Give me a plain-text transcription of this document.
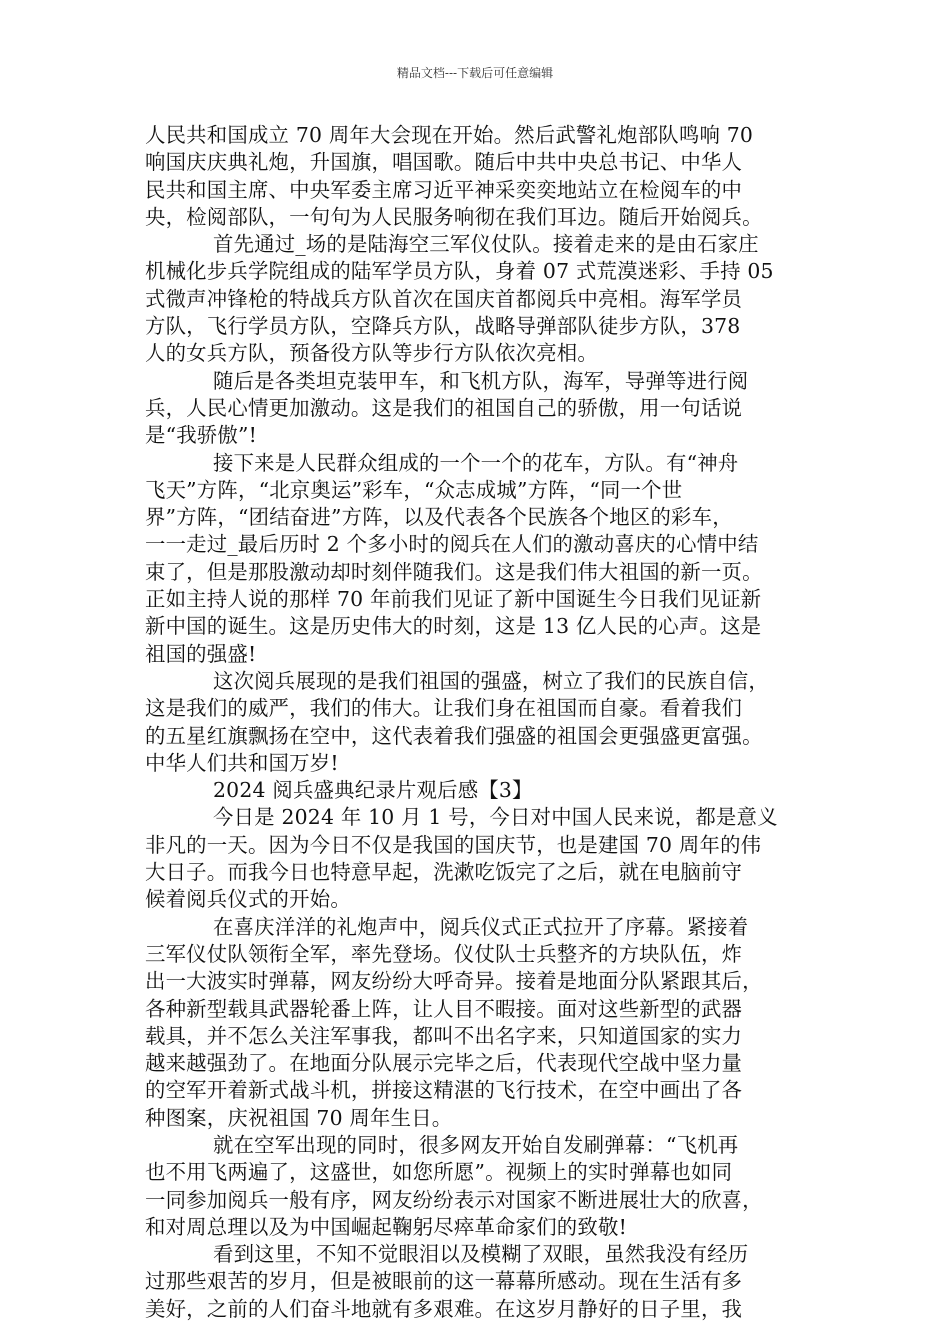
精品文档---下载后可任意编辑
人民共和国成立 70 周年大会现在开始。然后武警礼炮部队鸣响 70
响国庆庆典礼炮，升国旗，唱国歌。随后中共中央总书记、中华人
民共和国主席、中央军委主席习近平神采奕奕地站立在检阅车的中
央，检阅部队，一句句为人民服务响彻在我们耳边。随后开始阅兵。
首先通过_场的是陆海空三军仪仗队。接着走来的是由石家庄
机械化步兵学院组成的陆军学员方队，身着 07 式荒漠迷彩、手持 05
式微声冲锋枪的特战兵方队首次在国庆首都阅兵中亮相。海军学员
方队，飞行学员方队，空降兵方队，战略导弹部队徒步方队，378
人的女兵方队，预备役方队等步行方队依次亮相。
随后是各类坦克装甲车，和飞机方队，海军，导弹等进行阅
兵，人民心情更加激动。这是我们的祖国自己的骄傲，用一句话说
是“我骄傲”!
接下来是人民群众组成的一个一个的花车，方队。有“神舟
飞天”方阵，“北京奥运”彩车，“众志成城”方阵，“同一个世
界”方阵，“团结奋进”方阵，以及代表各个民族各个地区的彩车，
一一走过_最后历时 2 个多小时的阅兵在人们的激动喜庆的心情中结
束了，但是那股激动却时刻伴随我们。这是我们伟大祖国的新一页。
正如主持人说的那样 70 年前我们见证了新中国诞生今日我们见证新
新中国的诞生。这是历史伟大的时刻，这是 13 亿人民的心声。这是
祖国的强盛!
这次阅兵展现的是我们祖国的强盛，树立了我们的民族自信，
这是我们的威严，我们的伟大。让我们身在祖国而自豪。看着我们
的五星红旗飘扬在空中，这代表着我们强盛的祖国会更强盛更富强。
中华人们共和国万岁!
2024 阅兵盛典纪录片观后感【3】
今日是 2024 年 10 月 1 号，今日对中国人民来说，都是意义
非凡的一天。因为今日不仅是我国的国庆节，也是建国 70 周年的伟
大日子。而我今日也特意早起，洗漱吃饭完了之后，就在电脑前守
候着阅兵仪式的开始。
在喜庆洋洋的礼炮声中，阅兵仪式正式拉开了序幕。紧接着
三军仪仗队领衔全军，率先登场。仪仗队士兵整齐的方块队伍，炸
出一大波实时弹幕，网友纷纷大呼奇异。接着是地面分队紧跟其后，
各种新型载具武器轮番上阵，让人目不暇接。面对这些新型的武器
载具，并不怎么关注军事我，都叫不出名字来，只知道国家的实力
越来越强劲了。在地面分队展示完毕之后，代表现代空战中坚力量
的空军开着新式战斗机，拼接这精湛的飞行技术，在空中画出了各
种图案，庆祝祖国 70 周年生日。
就在空军出现的同时，很多网友开始自发刷弹幕：“飞机再
也不用飞两遍了，这盛世，如您所愿”。视频上的实时弹幕也如同
一同参加阅兵一般有序，网友纷纷表示对国家不断进展壮大的欣喜，
和对周总理以及为中国崛起鞠躬尽瘁革命家们的致敬!
看到这里，不知不觉眼泪以及模糊了双眼，虽然我没有经历
过那些艰苦的岁月，但是被眼前的这一幕幕所感动。现在生活有多
美好，之前的人们奋斗地就有多艰难。在这岁月静好的日子里，我
